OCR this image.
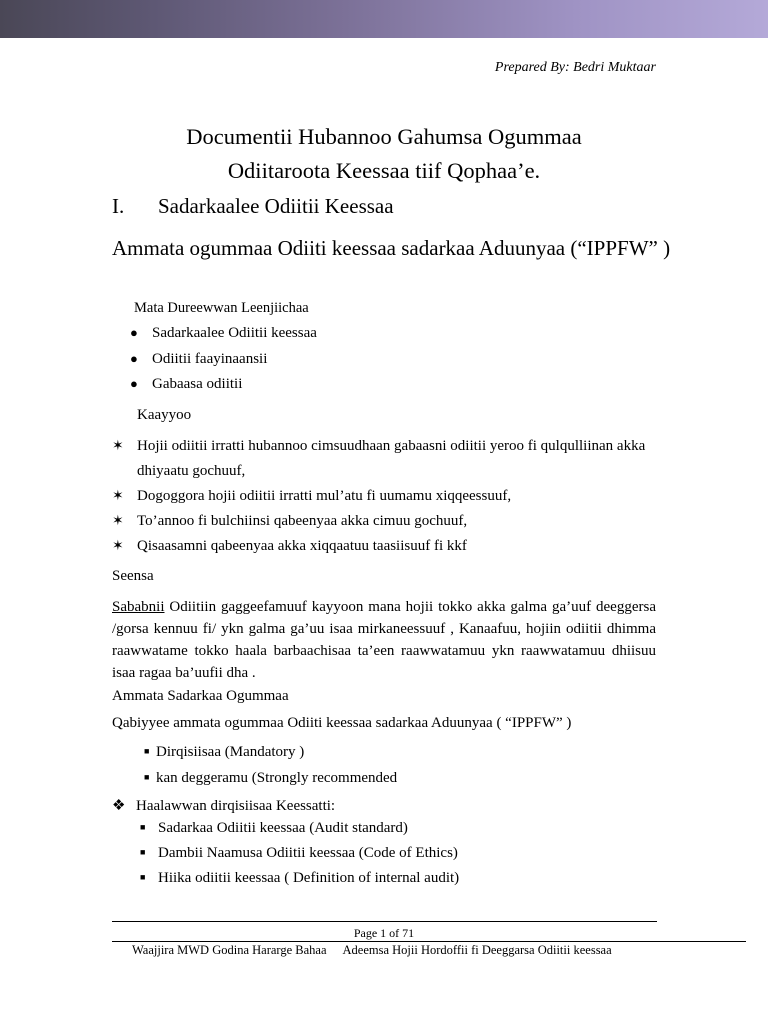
Prepared By: Bedri Muktaar
Documentii Hubannoo Gahumsa Ogummaa
Odiitaroota Keessaa tiif Qophaa’e.
I. Sadarkaalee Odiitii Keessaa
Ammata ogummaa Odiiti keessaa sadarkaa Aduunyaa (“IPPFW” )
Mata Dureewwan Leenjiichaa
● Sadarkaalee Odiitii keessaa
● Odiitii faayinaansii
● Gabaasa odiitii
Kaayyoo
✶ Hojii odiitii irratti hubannoo cimsuudhaan gabaasni odiitii yeroo fi qulqulliinan akka dhiyaatu gochuuf,
✶ Dogoggora hojii odiitii irratti mul’atu fi uumamu xiqqeessuuf,
✶ To’annoo fi bulchiinsi qabeenyaa akka cimuu gochuuf,
✶ Qisaasamni qabeenyaa akka xiqqaatuu taasiisuuf fi kkf
Seensa
Sababnii Odiitiin gaggeefamuuf kayyoon mana hojii tokko akka galma ga’uuf deeggersa /gorsa kennuu fi/ ykn galma ga’uu isaa mirkaneessuuf , Kanaafuu, hojiin odiitii dhimma raawwatame tokko haala barbaachisaa ta’een raawwatamuu ykn raawwatamuu dhiisuu isaa ragaa ba’uufii dha .
Ammata Sadarkaa Ogummaa
Qabiyyee ammata ogummaa Odiiti keessaa sadarkaa Aduunyaa ( “IPPFW” )
■ Dirqisiisaa (Mandatory )
■ kan deggeramu (Strongly recommended
❖ Haalawwan dirqisiisaa Keessatti:
■ Sadarkaa Odiitii keessaa (Audit standard)
■ Dambii Naamusa Odiitii keessaa (Code of Ethics)
■ Hiika odiitii keessaa ( Definition of internal audit)
Page 1 of 71
Waajjira MWD Godina Hararge Bahaa Adeemsa Hojii Hordoffii fi Deeggarsa Odiitii keessaa
